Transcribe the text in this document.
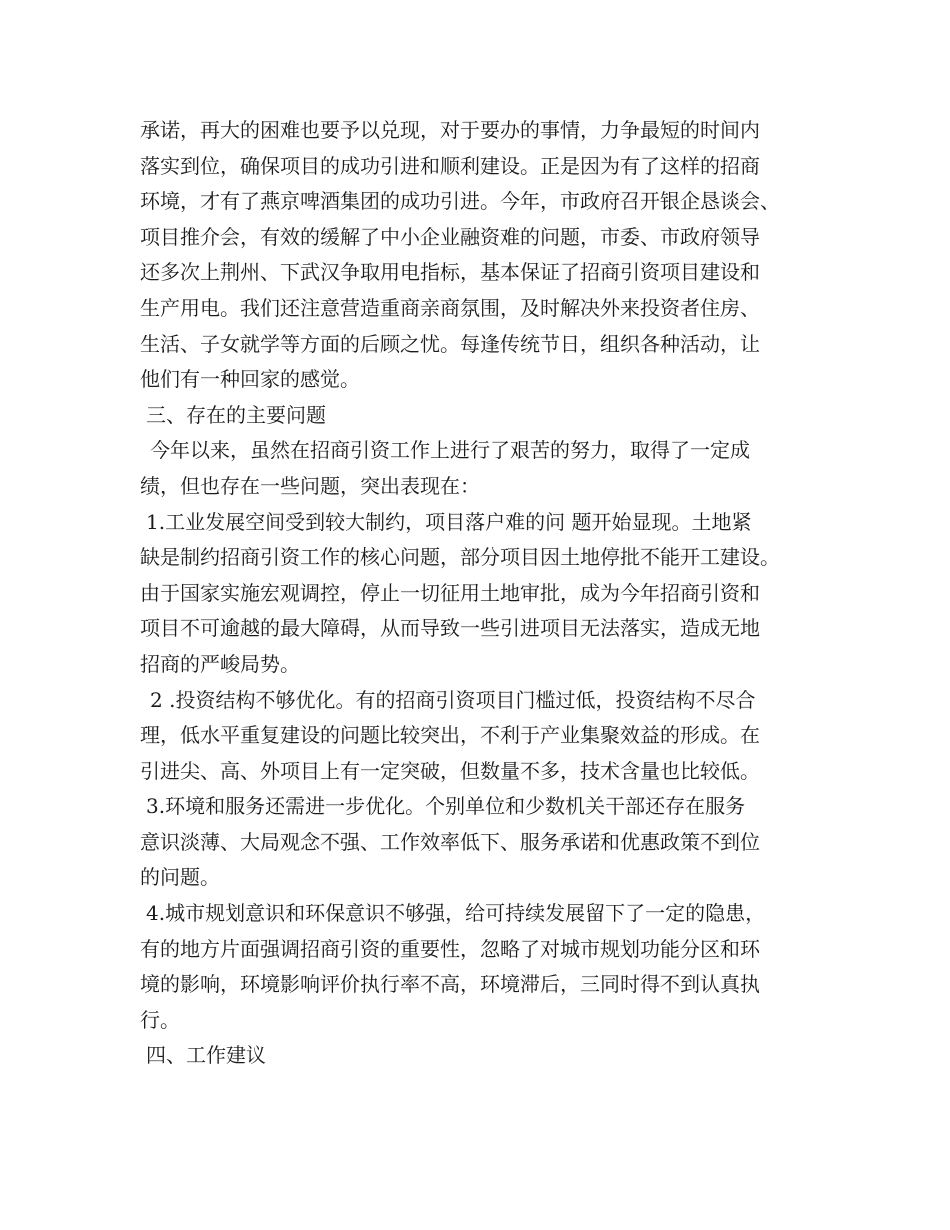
承诺，再大的困难也要予以兑现，对于要办的事情，力争最短的时间内
落实到位，确保项目的成功引进和顺利建设。正是因为有了这样的招商
环境，才有了燕京啤酒集团的成功引进。今年，市政府召开银企恳谈会、
项目推介会，有效的缓解了中小企业融资难的问题，市委、市政府领导
还多次上荆州、下武汉争取用电指标，基本保证了招商引资项目建设和
生产用电。我们还注意营造重商亲商氛围，及时解决外来投资者住房、
生活、子女就学等方面的后顾之忧。每逢传统节日，组织各种活动，让
他们有一种回家的感觉。
三、存在的主要问题
今年以来，虽然在招商引资工作上进行了艰苦的努力，取得了一定成
绩，但也存在一些问题，突出表现在：
1.工业发展空间受到较大制约，项目落户难的问 题开始显现。土地紧
缺是制约招商引资工作的核心问题，部分项目因土地停批不能开工建设。
由于国家实施宏观调控，停止一切征用土地审批，成为今年招商引资和
项目不可逾越的最大障碍，从而导致一些引进项目无法落实，造成无地
招商的严峻局势。
2 .投资结构不够优化。有的招商引资项目门槛过低，投资结构不尽合
理，低水平重复建设的问题比较突出，不利于产业集聚效益的形成。在
引进尖、高、外项目上有一定突破，但数量不多，技术含量也比较低。
3.环境和服务还需进一步优化。个别单位和少数机关干部还存在服务
意识淡薄、大局观念不强、工作效率低下、服务承诺和优惠政策不到位
的问题。
4.城市规划意识和环保意识不够强，给可持续发展留下了一定的隐患，
有的地方片面强调招商引资的重要性，忽略了对城市规划功能分区和环
境的影响，环境影响评价执行率不高，环境滞后，三同时得不到认真执
行。
四、工作建议
